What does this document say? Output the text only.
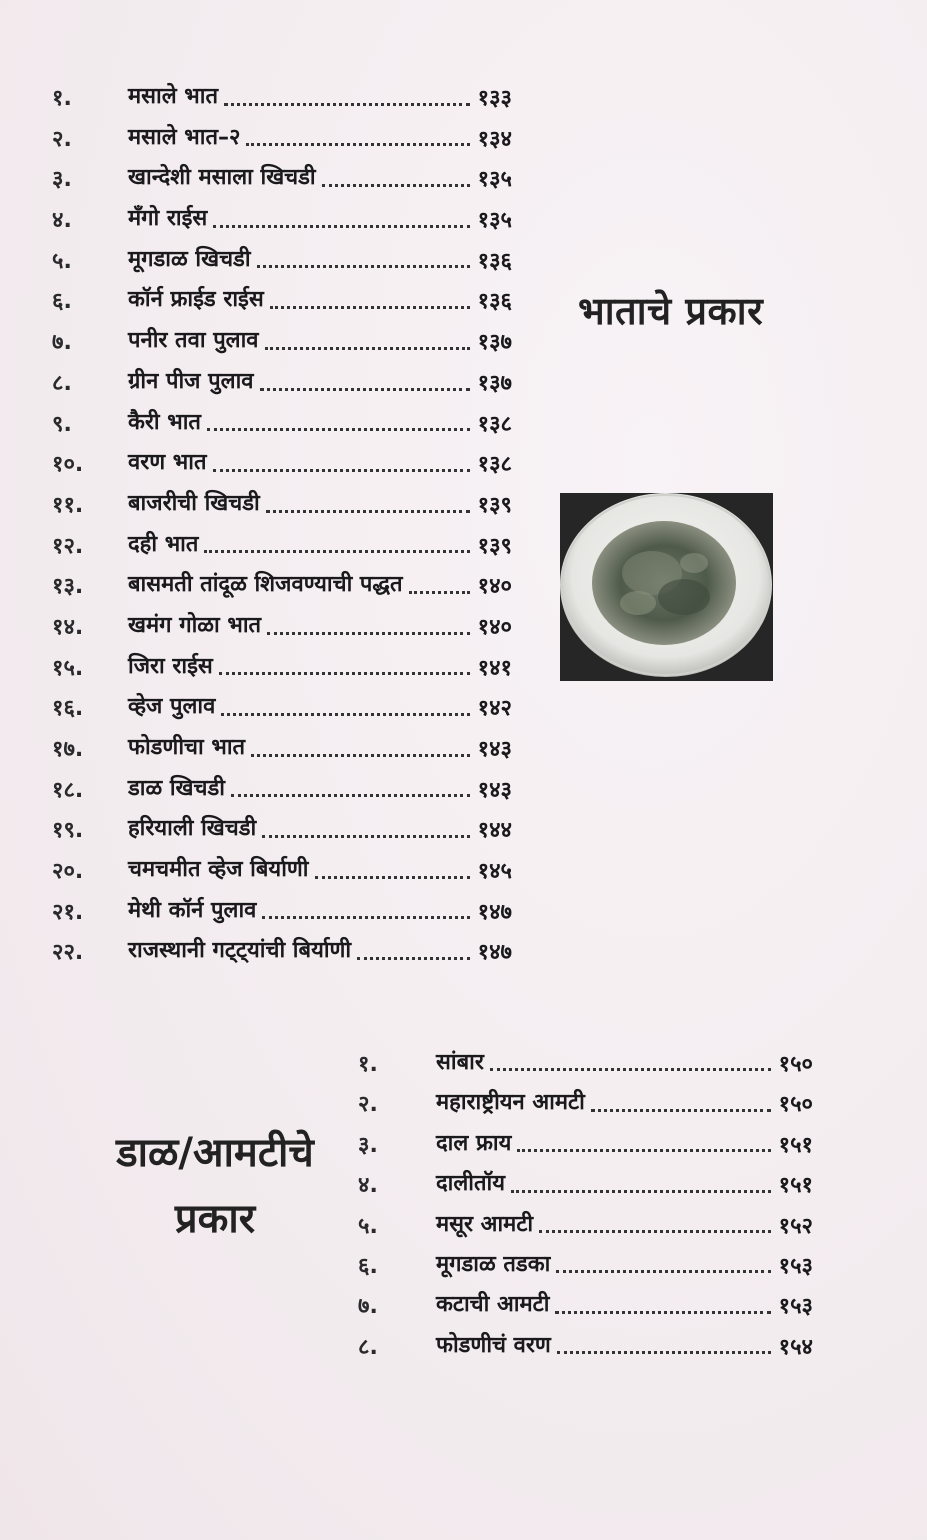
१.	मसाले भात	१३३
२.	मसाले भात–२	१३४
३.	खान्देशी मसाला खिचडी	१३५
४.	मँगो राईस	१३५
५.	मूगडाळ खिचडी	१३६
६.	कॉर्न फ्राईड राईस	१३६
७.	पनीर तवा पुलाव	१३७
८.	ग्रीन पीज पुलाव	१३७
९.	कैरी भात	१३८
१०. वरण भात	१३८
११. बाजरीची खिचडी	१३९
१२. दही भात	१३९
१३. बासमती तांदूळ शिजवण्याची पद्धत	१४०
१४. खमंग गोळा भात	१४०
१५. जिरा राईस	१४१
१६. व्हेज पुलाव	१४२
१७. फोडणीचा भात	१४३
१८. डाळ खिचडी	१४३
१९. हरियाली खिचडी	१४४
२०. चमचमीत व्हेज बिर्याणी	१४५
२१. मेथी कॉर्न पुलाव	१४७
२२. राजस्थानी गट्ट्यांची बिर्याणी	१४७
भाताचे प्रकार
डाळ/आमटीचे
प्रकार
१.	सांबार	१५०
२.	महाराष्ट्रीयन आमटी	१५०
३.	दाल फ्राय	१५१
४.	दालीतॉय	१५१
५.	मसूर आमटी	१५२
६.	मूगडाळ तडका	१५३
७.	कटाची आमटी	१५३
८.	फोडणीचं वरण	१५४
